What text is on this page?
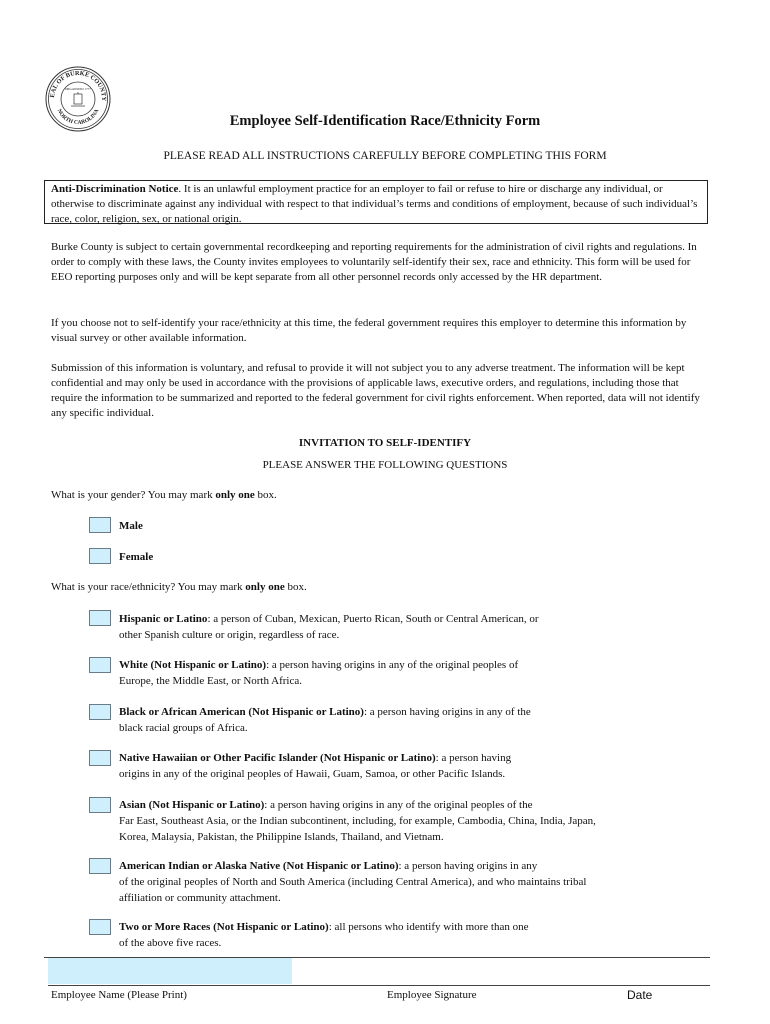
EAL OF BURKE COUNTY
NORTH CAROLINA
ORGANIZED 1777
Employee Self-Identification Race/Ethnicity Form
PLEASE READ ALL INSTRUCTIONS CAREFULLY BEFORE COMPLETING THIS FORM
Anti-Discrimination Notice. It is an unlawful employment practice for an employer to fail or refuse to hire or discharge any individual, or otherwise to discriminate against any individual with respect to that individual’s terms and conditions of employment, because of such individual’s race, color, religion, sex, or national origin.
Burke County is subject to certain governmental recordkeeping and reporting requirements for the administration of civil rights and regulations. In order to comply with these laws, the County invites employees to voluntarily self-identify their sex, race and ethnicity. This form will be used for EEO reporting purposes only and will be kept separate from all other personnel records only accessed by the HR department.
If you choose not to self-identify your race/ethnicity at this time, the federal government requires this employer to determine this information by visual survey or other available information.
Submission of this information is voluntary, and refusal to provide it will not subject you to any adverse treatment. The information will be kept confidential and may only be used in accordance with the provisions of applicable laws, executive orders, and regulations, including those that require the information to be summarized and reported to the federal government for civil rights enforcement. When reported, data will not identify any specific individual.
INVITATION TO SELF-IDENTIFY
PLEASE ANSWER THE FOLLOWING QUESTIONS
What is your gender? You may mark only one box.
Male
Female
What is your race/ethnicity? You may mark only one box.
Hispanic or Latino: a person of Cuban, Mexican, Puerto Rican, South or Central American, or
other Spanish culture or origin, regardless of race.
White (Not Hispanic or Latino): a person having origins in any of the original peoples of
Europe, the Middle East, or North Africa.
Black or African American (Not Hispanic or Latino): a person having origins in any of the
black racial groups of Africa.
Native Hawaiian or Other Pacific Islander (Not Hispanic or Latino): a person having
origins in any of the original peoples of Hawaii, Guam, Samoa, or other Pacific Islands.
Asian (Not Hispanic or Latino): a person having origins in any of the original peoples of the
Far East, Southeast Asia, or the Indian subcontinent, including, for example, Cambodia, China, India, Japan,
Korea, Malaysia, Pakistan, the Philippine Islands, Thailand, and Vietnam.
American Indian or Alaska Native (Not Hispanic or Latino): a person having origins in any
of the original peoples of North and South America (including Central America), and who maintains tribal
affiliation or community attachment.
Two or More Races (Not Hispanic or Latino): all persons who identify with more than one
of the above five races.
Employee Name (Please Print)	Employee Signature	Date
